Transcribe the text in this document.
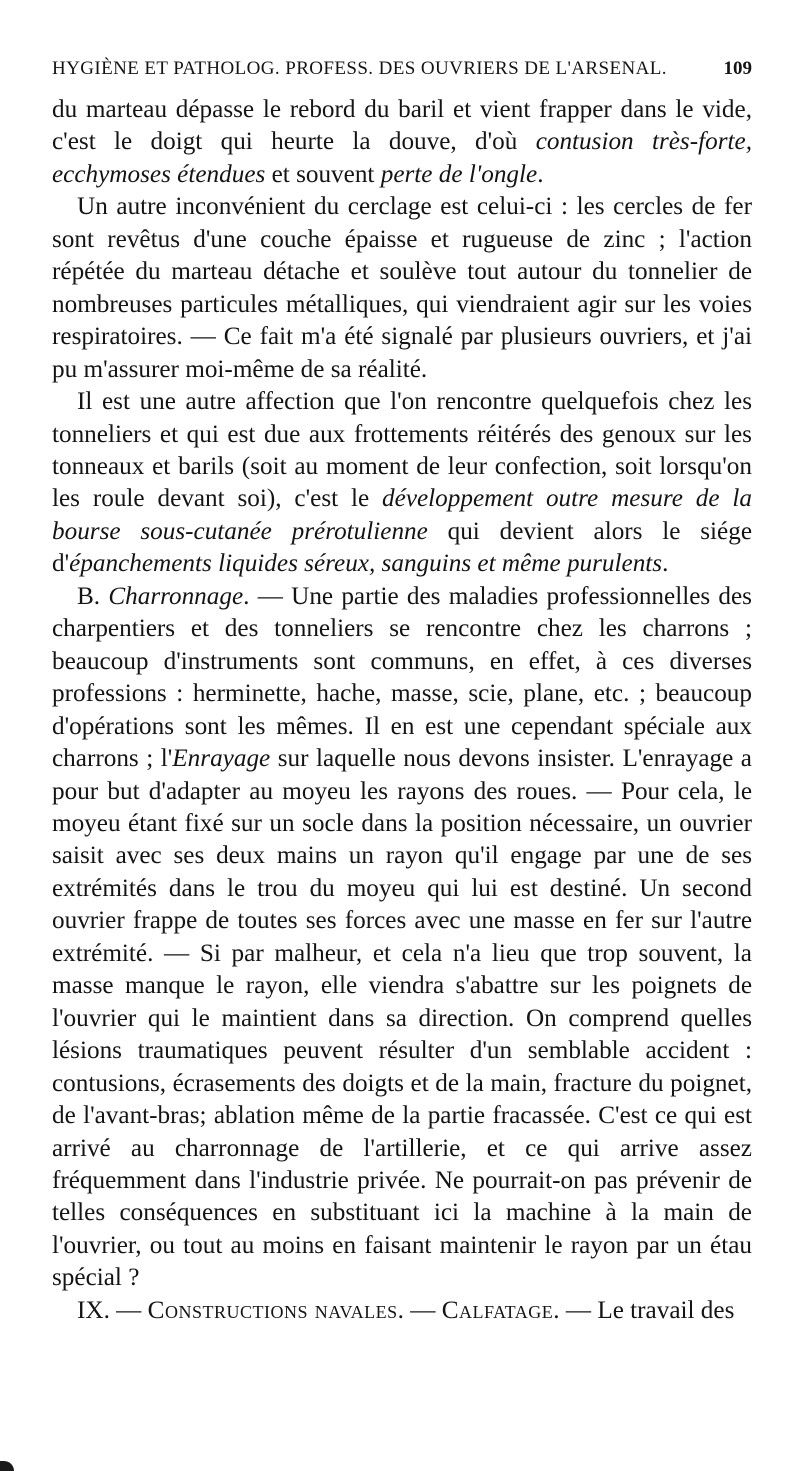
HYGIÈNE ET PATHOLOG. PROFESS. DES OUVRIERS DE L'ARSENAL.	109

du marteau dépasse le rebord du baril et vient frapper dans le vide, c'est le doigt qui heurte la douve, d'où contusion très-forte, ecchymoses étendues et souvent perte de l'ongle.

Un autre inconvénient du cerclage est celui-ci : les cercles de fer sont revêtus d'une couche épaisse et rugueuse de zinc ; l'action répétée du marteau détache et soulève tout autour du tonnelier de nombreuses particules métalliques, qui viendraient agir sur les voies respiratoires. — Ce fait m'a été signalé par plusieurs ouvriers, et j'ai pu m'assurer moi-même de sa réalité.

Il est une autre affection que l'on rencontre quelquefois chez les tonneliers et qui est due aux frottements réitérés des genoux sur les tonneaux et barils (soit au moment de leur confection, soit lorsqu'on les roule devant soi), c'est le développement outre mesure de la bourse sous-cutanée prérotulienne qui devient alors le siége d'épanchements liquides séreux, sanguins et même purulents.

B. Charronnage. — Une partie des maladies professionnelles des charpentiers et des tonneliers se rencontre chez les charrons ; beaucoup d'instruments sont communs, en effet, à ces diverses professions : herminette, hache, masse, scie, plane, etc. ; beaucoup d'opérations sont les mêmes. Il en est une cependant spéciale aux charrons ; l'Enrayage sur laquelle nous devons insister. L'enrayage a pour but d'adapter au moyeu les rayons des roues. — Pour cela, le moyeu étant fixé sur un socle dans la position nécessaire, un ouvrier saisit avec ses deux mains un rayon qu'il engage par une de ses extrémités dans le trou du moyeu qui lui est destiné. Un second ouvrier frappe de toutes ses forces avec une masse en fer sur l'autre extrémité. — Si par malheur, et cela n'a lieu que trop souvent, la masse manque le rayon, elle viendra s'abattre sur les poignets de l'ouvrier qui le maintient dans sa direction. On comprend quelles lésions traumatiques peuvent résulter d'un semblable accident : contusions, écrasements des doigts et de la main, fracture du poignet, de l'avant-bras; ablation même de la partie fracassée. C'est ce qui est arrivé au charronnage de l'artillerie, et ce qui arrive assez fréquemment dans l'industrie privée. Ne pourrait-on pas prévenir de telles conséquences en substituant ici la machine à la main de l'ouvrier, ou tout au moins en faisant maintenir le rayon par un étau spécial ?

IX. — Constructions navales. — Calfatage. — Le travail des
